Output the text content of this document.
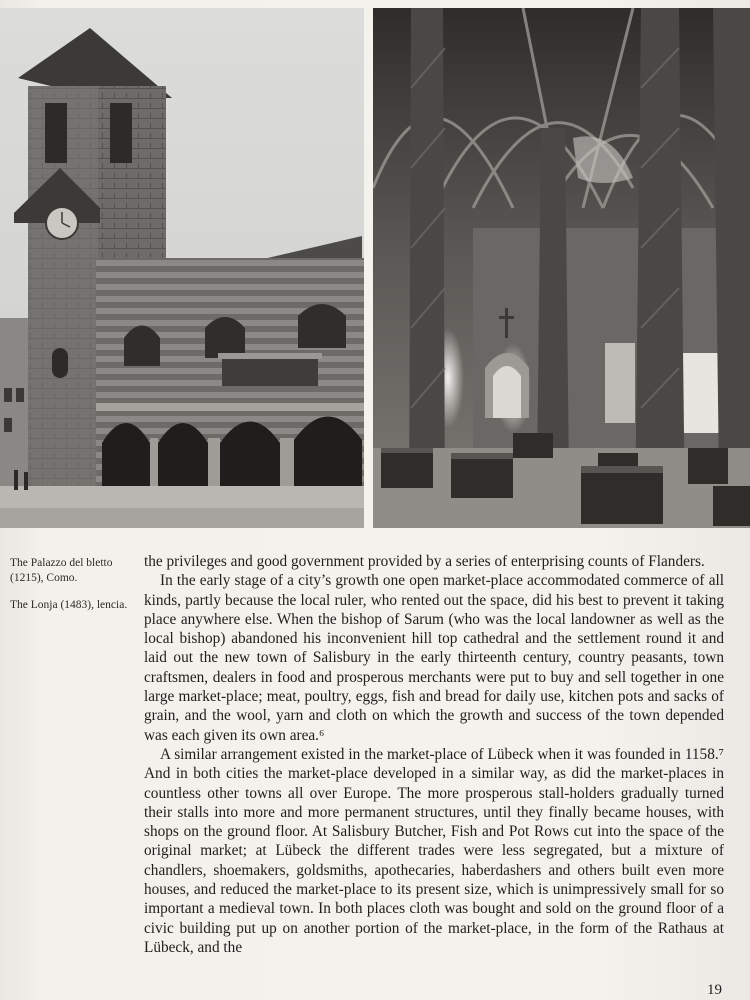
The Palazzo del bletto (1215), Como.

The Lonja (1483), lencia.

the privileges and good government provided by a series of enterprising counts of Flanders.

In the early stage of a city’s growth one open market-place accommodated commerce of all kinds, partly because the local ruler, who rented out the space, did his best to prevent it taking place anywhere else. When the bishop of Sarum (who was the local landowner as well as the local bishop) abandoned his inconvenient hill top cathedral and the settlement round it and laid out the new town of Salisbury in the early thirteenth century, country peasants, town craftsmen, dealers in food and prosperous merchants were put to buy and sell together in one large market-place; meat, poultry, eggs, fish and bread for daily use, kitchen pots and sacks of grain, and the wool, yarn and cloth on which the growth and success of the town depended was each given its own area.⁶

A similar arrangement existed in the market-place of Lübeck when it was founded in 1158.⁷ And in both cities the market-place developed in a similar way, as did the market-places in countless other towns all over Europe. The more prosperous stall-holders gradually turned their stalls into more and more permanent structures, until they finally became houses, with shops on the ground floor. At Salisbury Butcher, Fish and Pot Rows cut into the space of the original market; at Lübeck the different trades were less segregated, but a mixture of chandlers, shoemakers, goldsmiths, apothecaries, haberdashers and others built even more houses, and reduced the market-place to its present size, which is unimpressively small for so important a medieval town. In both places cloth was bought and sold on the ground floor of a civic building put up on another portion of the market-place, in the form of the Rathaus at Lübeck, and the

19
